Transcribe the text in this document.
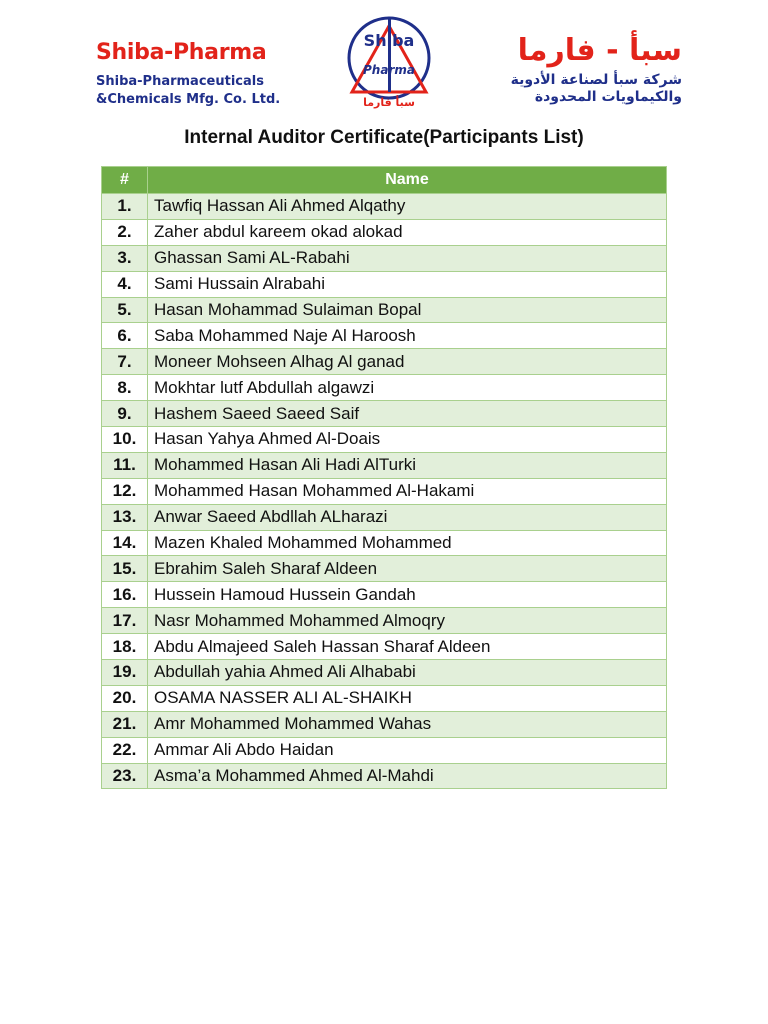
Shiba-Pharma
Shiba-Pharmaceuticals
&Chemicals Mfg. Co. Ltd.
Shiba
Pharma
سبأ فارما
سبأ - فارما
شركة سبأ لصناعة الأدوية
والكيماويات المحدودة
Internal Auditor Certificate(Participants List)
#	Name
1.	Tawfiq Hassan Ali Ahmed Alqathy
2.	Zaher abdul kareem okad alokad
3.	Ghassan Sami AL-Rabahi
4.	Sami Hussain Alrabahi
5.	Hasan Mohammad Sulaiman Bopal
6.	Saba Mohammed Naje Al Haroosh
7.	Moneer Mohseen Alhag Al ganad
8.	Mokhtar lutf Abdullah algawzi
9.	Hashem Saeed Saeed Saif
10.	Hasan Yahya Ahmed Al-Doais
11.	Mohammed Hasan Ali Hadi AlTurki
12.	Mohammed Hasan Mohammed Al-Hakami
13.	Anwar Saeed Abdllah ALharazi
14.	Mazen Khaled Mohammed Mohammed
15.	Ebrahim Saleh Sharaf Aldeen
16.	Hussein Hamoud Hussein Gandah
17.	Nasr Mohammed Mohammed Almoqry
18.	Abdu Almajeed Saleh Hassan Sharaf Aldeen
19.	Abdullah yahia Ahmed Ali Alhababi
20.	OSAMA NASSER ALI AL-SHAIKH
21.	Amr Mohammed Mohammed Wahas
22.	Ammar Ali Abdo Haidan
23.	Asma’a Mohammed Ahmed Al-Mahdi
